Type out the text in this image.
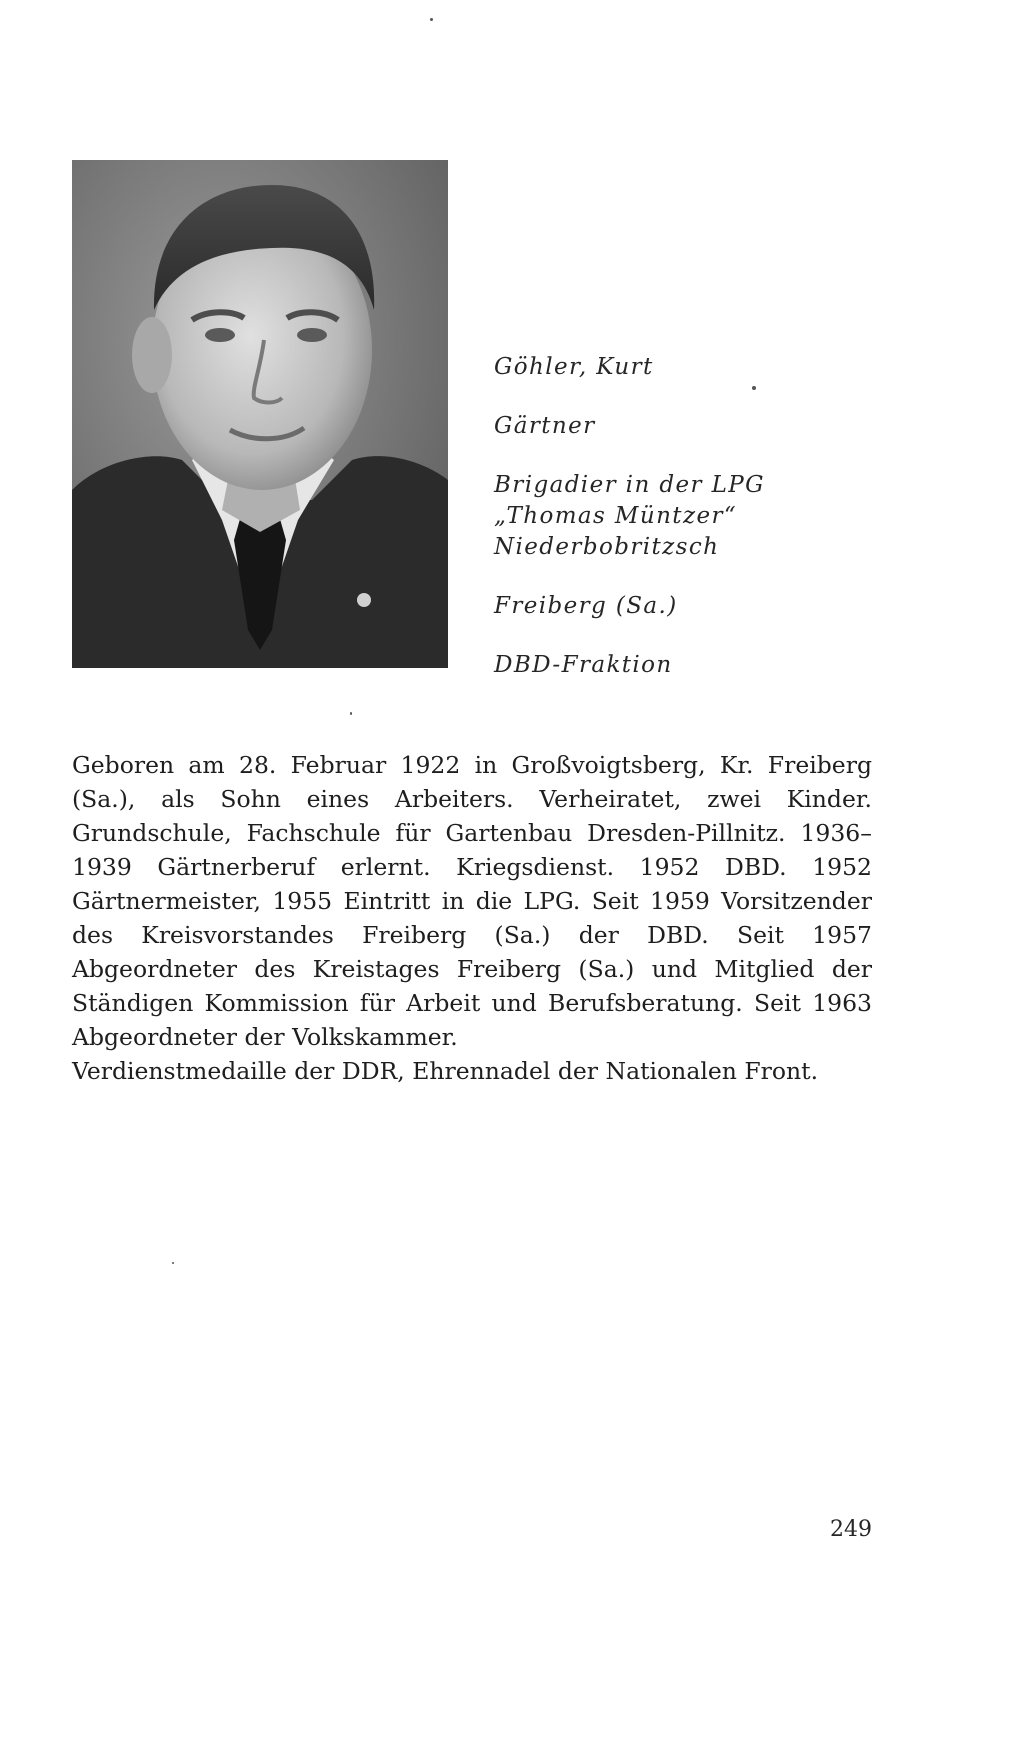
Göhler, Kurt
Gärtner
Brigadier in der LPG
„Thomas Müntzer“
Niederbobritzsch
Freiberg (Sa.)
DBD-Fraktion

Geboren am 28. Februar 1922 in Großvoigtsberg, Kr. Freiberg (Sa.), als Sohn eines Arbeiters. Verheiratet, zwei Kinder. Grundschule, Fachschule für Gartenbau Dresden-Pillnitz. 1936–1939 Gärtnerberuf erlernt. Kriegsdienst. 1952 DBD. 1952 Gärtnermeister, 1955 Eintritt in die LPG. Seit 1959 Vorsitzender des Kreisvorstandes Freiberg (Sa.) der DBD. Seit 1957 Abgeordneter des Kreistages Freiberg (Sa.) und Mitglied der Ständigen Kommission für Arbeit und Berufsberatung. Seit 1963 Abgeordneter der Volkskammer.

Verdienstmedaille der DDR, Ehrennadel der Nationalen Front.

249
